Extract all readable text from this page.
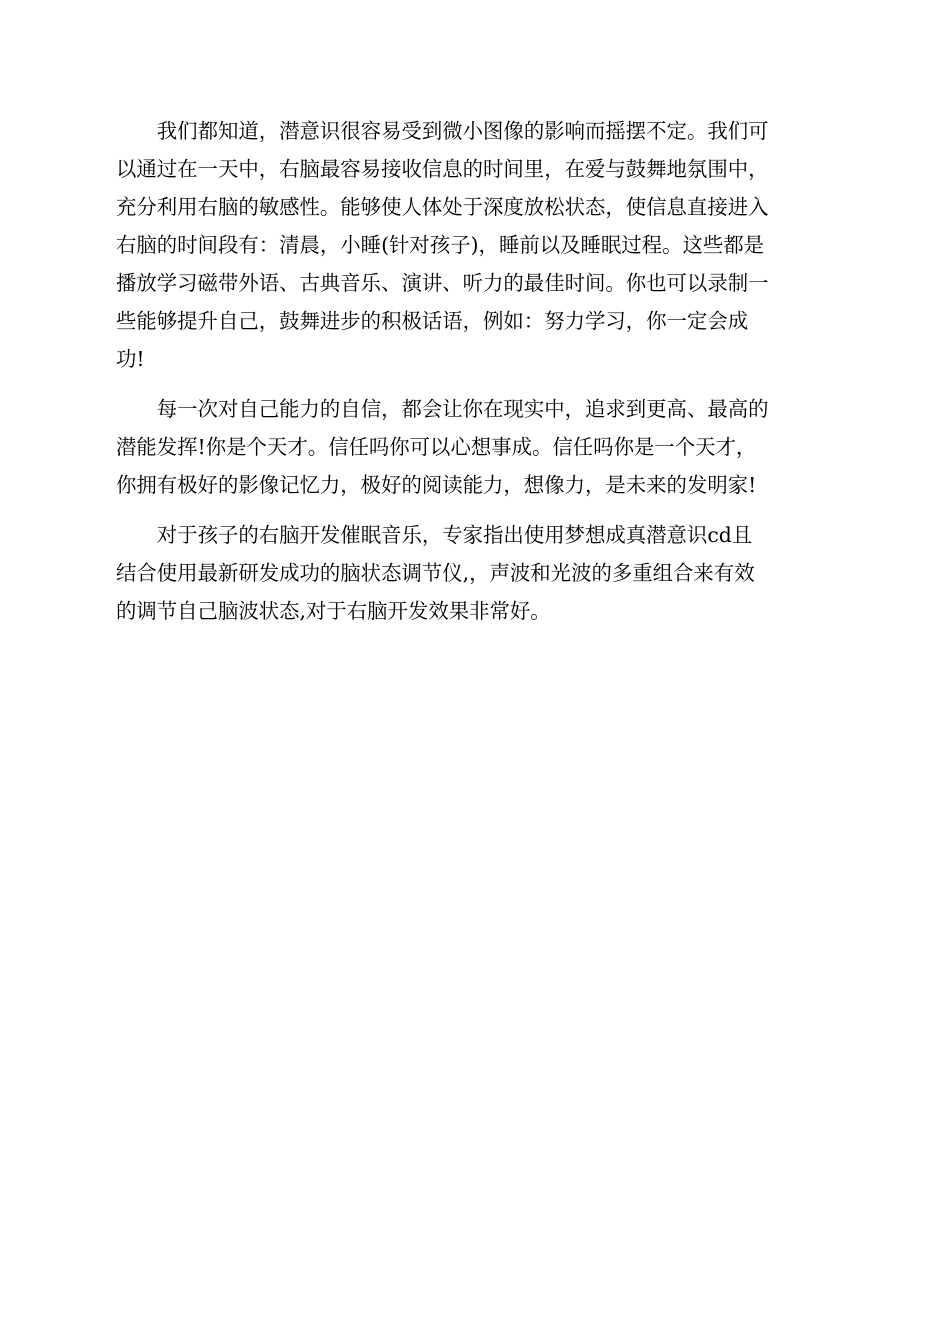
我们都知道，潜意识很容易受到微小图像的影响而摇摆不定。我们可
以通过在一天中，右脑最容易接收信息的时间里，在爱与鼓舞地氛围中，
充分利用右脑的敏感性。能够使人体处于深度放松状态，使信息直接进入
右脑的时间段有：清晨，小睡(针对孩子)，睡前以及睡眠过程。这些都是
播放学习磁带外语、古典音乐、演讲、听力的最佳时间。你也可以录制一
些能够提升自己，鼓舞进步的积极话语，例如：努力学习，你一定会成
功!

每一次对自己能力的自信，都会让你在现实中，追求到更高、最高的
潜能发挥!你是个天才。信任吗你可以心想事成。信任吗你是一个天才，
你拥有极好的影像记忆力，极好的阅读能力，想像力，是未来的发明家!

对于孩子的右脑开发催眠音乐，专家指出使用梦想成真潜意识cd且
结合使用最新研发成功的脑状态调节仪,，声波和光波的多重组合来有效
的调节自己脑波状态,对于右脑开发效果非常好。
